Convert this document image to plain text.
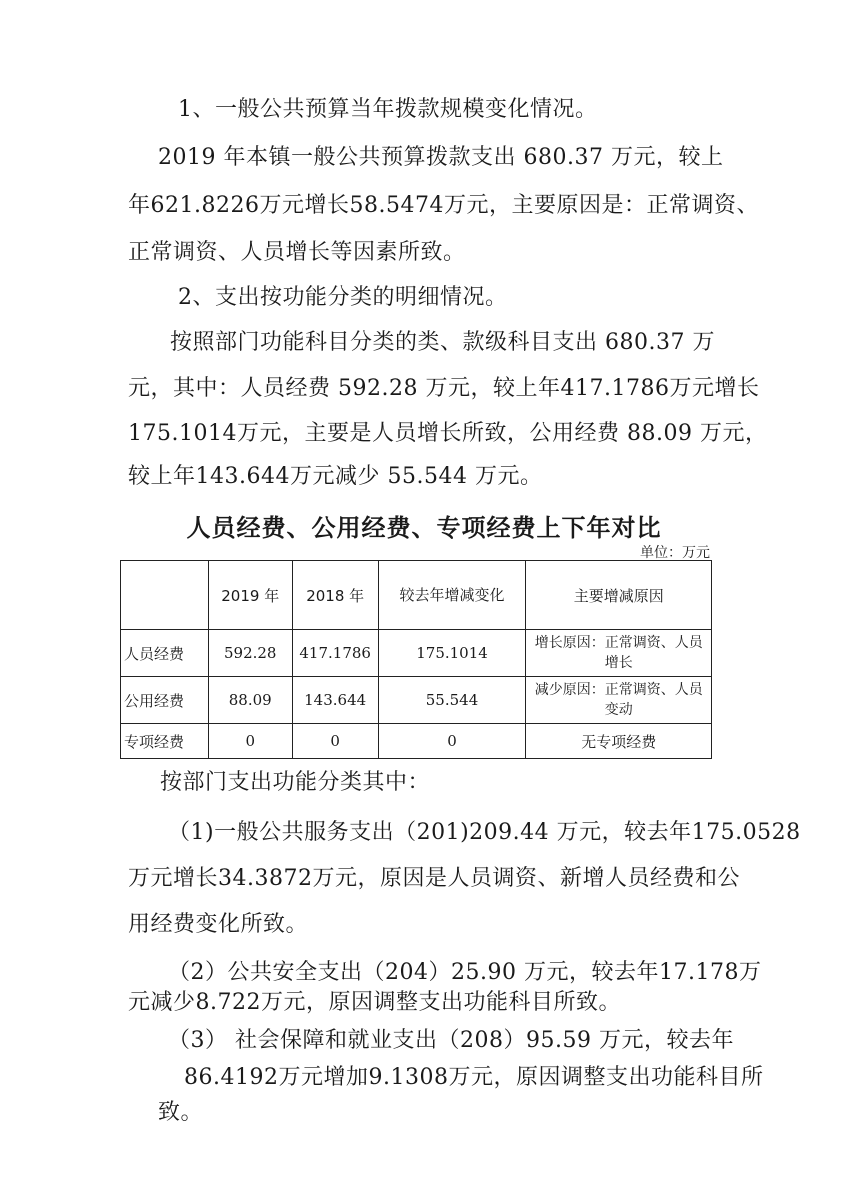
1、一般公共预算当年拨款规模变化情况。
2019 年本镇一般公共预算拨款支出 680.37 万元，较上
年621.8226万元增长58.5474万元，主要原因是：正常调资、
正常调资、人员增长等因素所致。
2、支出按功能分类的明细情况。
按照部门功能科目分类的类、款级科目支出 680.37 万
元，其中：人员经费 592.28 万元，较上年417.1786万元增长
175.1014万元，主要是人员增长所致，公用经费 88.09 万元，
较上年143.644万元减少 55.544 万元。
人员经费、公用经费、专项经费上下年对比
单位：万元
	2019 年	2018 年	较去年增减变化	主要增减原因
人员经费	592.28	417.1786	175.1014	增长原因：正常调资、人员增长
公用经费	88.09	143.644	55.544	减少原因：正常调资、人员变动
专项经费	0	0	0	无专项经费
按部门支出功能分类其中：
（1)一般公共服务支出（201)209.44 万元，较去年175.0528
万元增长34.3872万元，原因是人员调资、新增人员经费和公
用经费变化所致。
（2）公共安全支出（204）25.90 万元，较去年17.178万
元减少8.722万元，原因调整支出功能科目所致。
（3） 社会保障和就业支出（208）95.59 万元，较去年
86.4192万元增加9.1308万元，原因调整支出功能科目所
致。
